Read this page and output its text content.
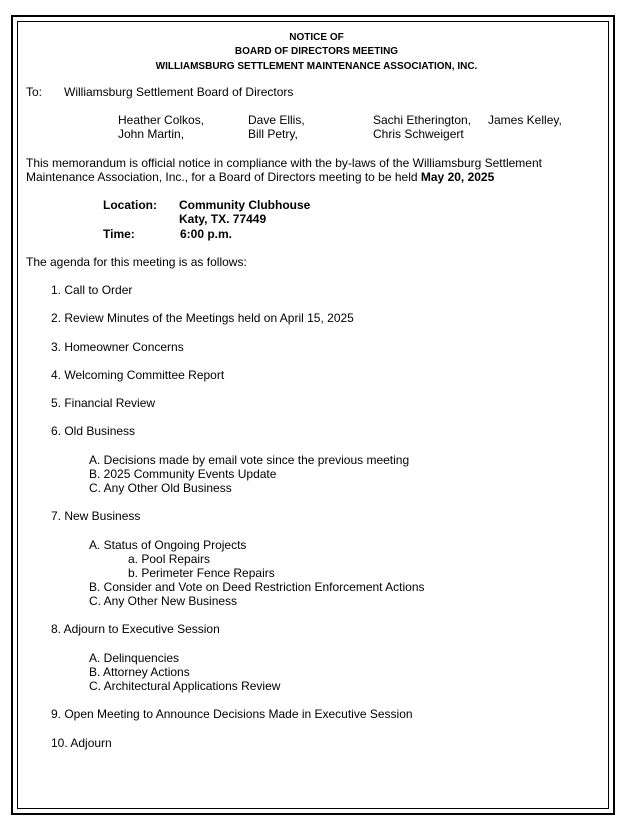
NOTICE OF
BOARD OF DIRECTORS MEETING
WILLIAMSBURG SETTLEMENT MAINTENANCE ASSOCIATION, INC.
To: Williamsburg Settlement Board of Directors
Heather Colkos,	Dave Ellis,	Sachi Etherington, James Kelley,
John Martin,	Bill Petry,	Chris Schweigert
This memorandum is official notice in compliance with the by-laws of the Williamsburg Settlement
Maintenance Association, Inc., for a Board of Directors meeting to be held May 20, 2025
Location: Community Clubhouse
Katy, TX. 77449
Time:	6:00 p.m.
The agenda for this meeting is as follows:
1. Call to Order
2. Review Minutes of the Meetings held on April 15, 2025
3. Homeowner Concerns
4. Welcoming Committee Report
5. Financial Review
6. Old Business
A. Decisions made by email vote since the previous meeting
B. 2025 Community Events Update
C. Any Other Old Business
7. New Business
A. Status of Ongoing Projects
a. Pool Repairs
b. Perimeter Fence Repairs
B. Consider and Vote on Deed Restriction Enforcement Actions
C. Any Other New Business
8. Adjourn to Executive Session
A. Delinquencies
B. Attorney Actions
C. Architectural Applications Review
9. Open Meeting to Announce Decisions Made in Executive Session
10. Adjourn
